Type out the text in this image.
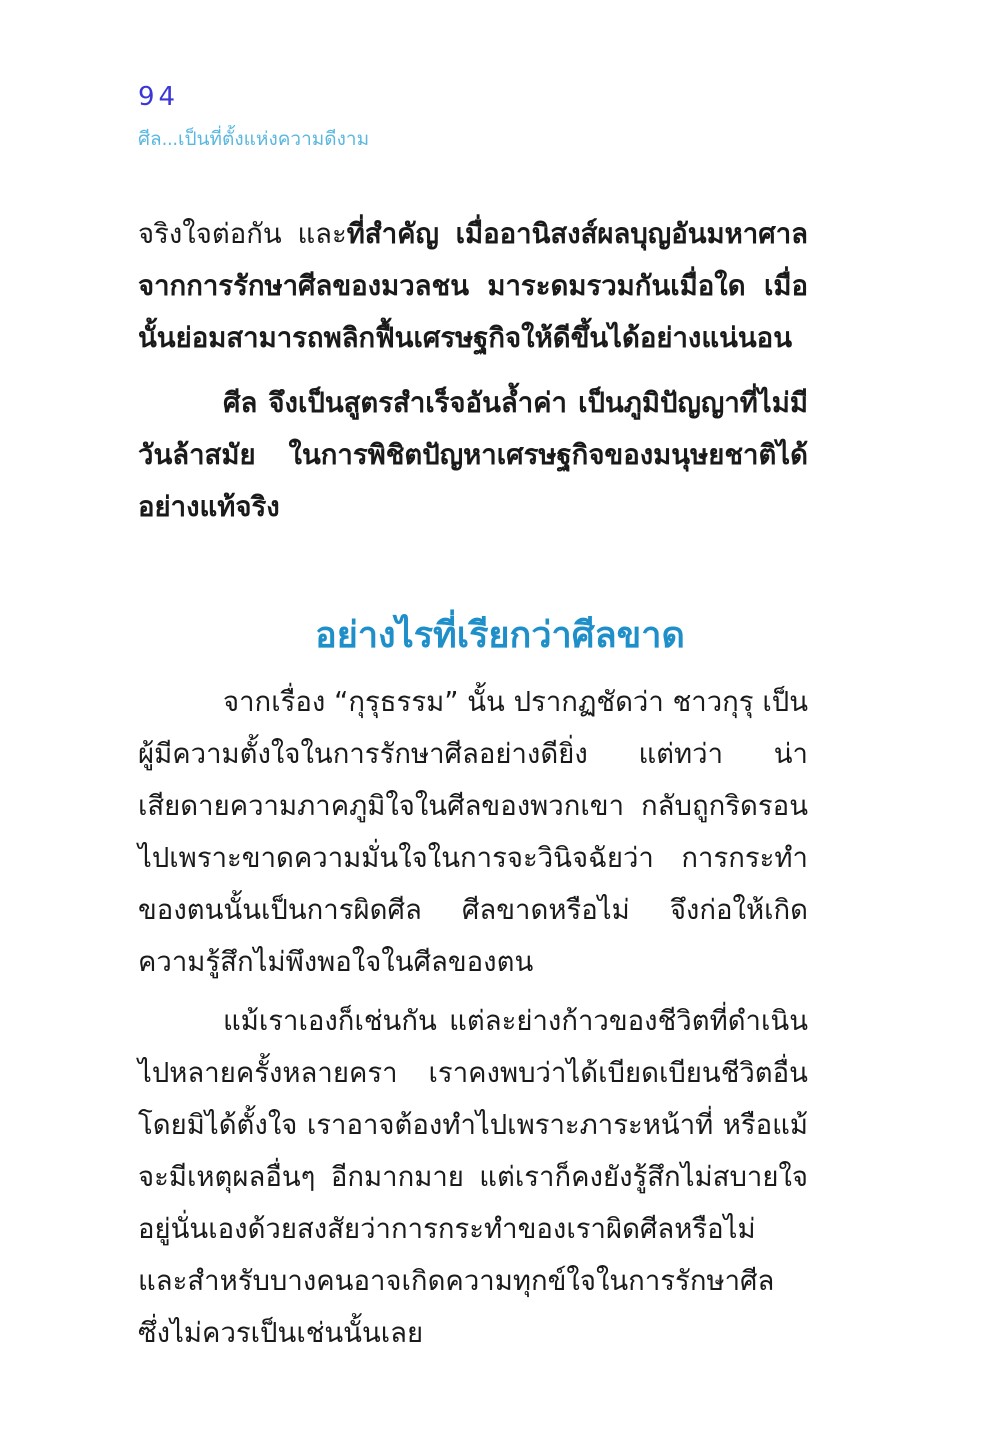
94
ศีล...เป็นที่ตั้งแห่งความดีงาม
จริงใจต่อกัน และที่สำคัญ เมื่ออานิสงส์ผลบุญอันมหาศาลจากการรักษาศีลของมวลชน มาระดมรวมกันเมื่อใด เมื่อนั้นย่อมสามารถพลิกฟื้นเศรษฐกิจให้ดีขึ้นได้อย่างแน่นอน
ศีล จึงเป็นสูตรสำเร็จอันล้ำค่า เป็นภูมิปัญญาที่ไม่มีวันล้าสมัย ในการพิชิตปัญหาเศรษฐกิจของมนุษยชาติได้อย่างแท้จริง
อย่างไรที่เรียกว่าศีลขาด

จากเรื่อง “กุรุธรรม” นั้น ปรากฏชัดว่า ชาวกุรุ เป็นผู้มีความตั้งใจในการรักษาศีลอย่างดียิ่ง แต่ทว่า น่าเสียดายความภาคภูมิใจในศีลของพวกเขา กลับถูกริดรอนไปเพราะขาดความมั่นใจในการจะวินิจฉัยว่า การกระทำของตนนั้นเป็นการผิดศีล ศีลขาดหรือไม่ จึงก่อให้เกิดความรู้สึกไม่พึงพอใจในศีลของตน

แม้เราเองก็เช่นกัน แต่ละย่างก้าวของชีวิตที่ดำเนินไปหลายครั้งหลายครา เราคงพบว่าได้เบียดเบียนชีวิตอื่นโดยมิได้ตั้งใจ เราอาจต้องทำไปเพราะภาระหน้าที่ หรือแม้จะมีเหตุผลอื่นๆ อีกมากมาย แต่เราก็คงยังรู้สึกไม่สบายใจอยู่นั่นเองด้วยสงสัยว่าการกระทำของเราผิดศีลหรือไม่ และสำหรับบางคนอาจเกิดความทุกข์ใจในการรักษาศีล ซึ่งไม่ควรเป็นเช่นนั้นเลย
